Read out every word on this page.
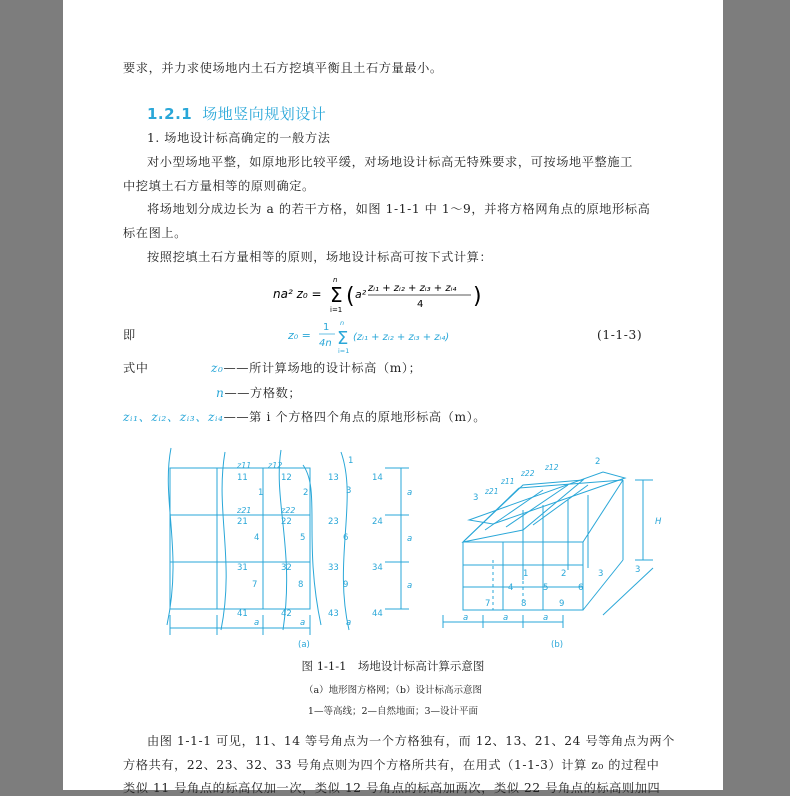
要求，并力求使场地内土石方挖填平衡且土石方量最小。
1.2.1 场地竖向规划设计
1. 场地设计标高确定的一般方法
对小型场地平整，如原地形比较平缓，对场地设计标高无特殊要求，可按场地平整施工
中挖填土石方量相等的原则确定。
将场地划分成边长为 a 的若干方格，如图 1-1-1 中 1～9，并将方格网角点的原地形标高
标在图上。
按照挖填土石方量相等的原则，场地设计标高可按下式计算：
na² z₀ = Σ
n
i=1
( a² zᵢ₁ + zᵢ₂ + zᵢ₃ + zᵢ₄
4 )
即	z₀ =
1
4n Σ
n
i=1
(zᵢ₁ + zᵢ₂ + zᵢ₃ + zᵢ₄)	(1-1-3)
式中	z₀——所计算场地的设计标高（m）；
n——方格数；
zᵢ₁、zᵢ₂、zᵢ₃、zᵢ₄——第 i 个方格四个角点的原地形标高（m）。
z11 z12	1
z21	z22
11	12	13	14
21	22	23	24
31	32	33	34
41	42	43	44
1	2	3
4	5	6
7	8	9
a
a
a
a	a	a
(a)
z11
z21
z22
z12
2
3
3
1	2	3
4	5	6
7	8	9
a	a	a
H
(b)
图 1-1-1　场地设计标高计算示意图
（a）地形图方格网；（b）设计标高示意图
1—等高线；2—自然地面；3—设计平面
由图 1-1-1 可见，11、14 等号角点为一个方格独有，而 12、13、21、24 号等角点为两个
方格共有，22、23、32、33 号角点则为四个方格所共有，在用式（1-1-3）计算 z₀ 的过程中
类似 11 号角点的标高仅加一次，类似 12 号角点的标高加两次，类似 22 号角点的标高则加四
